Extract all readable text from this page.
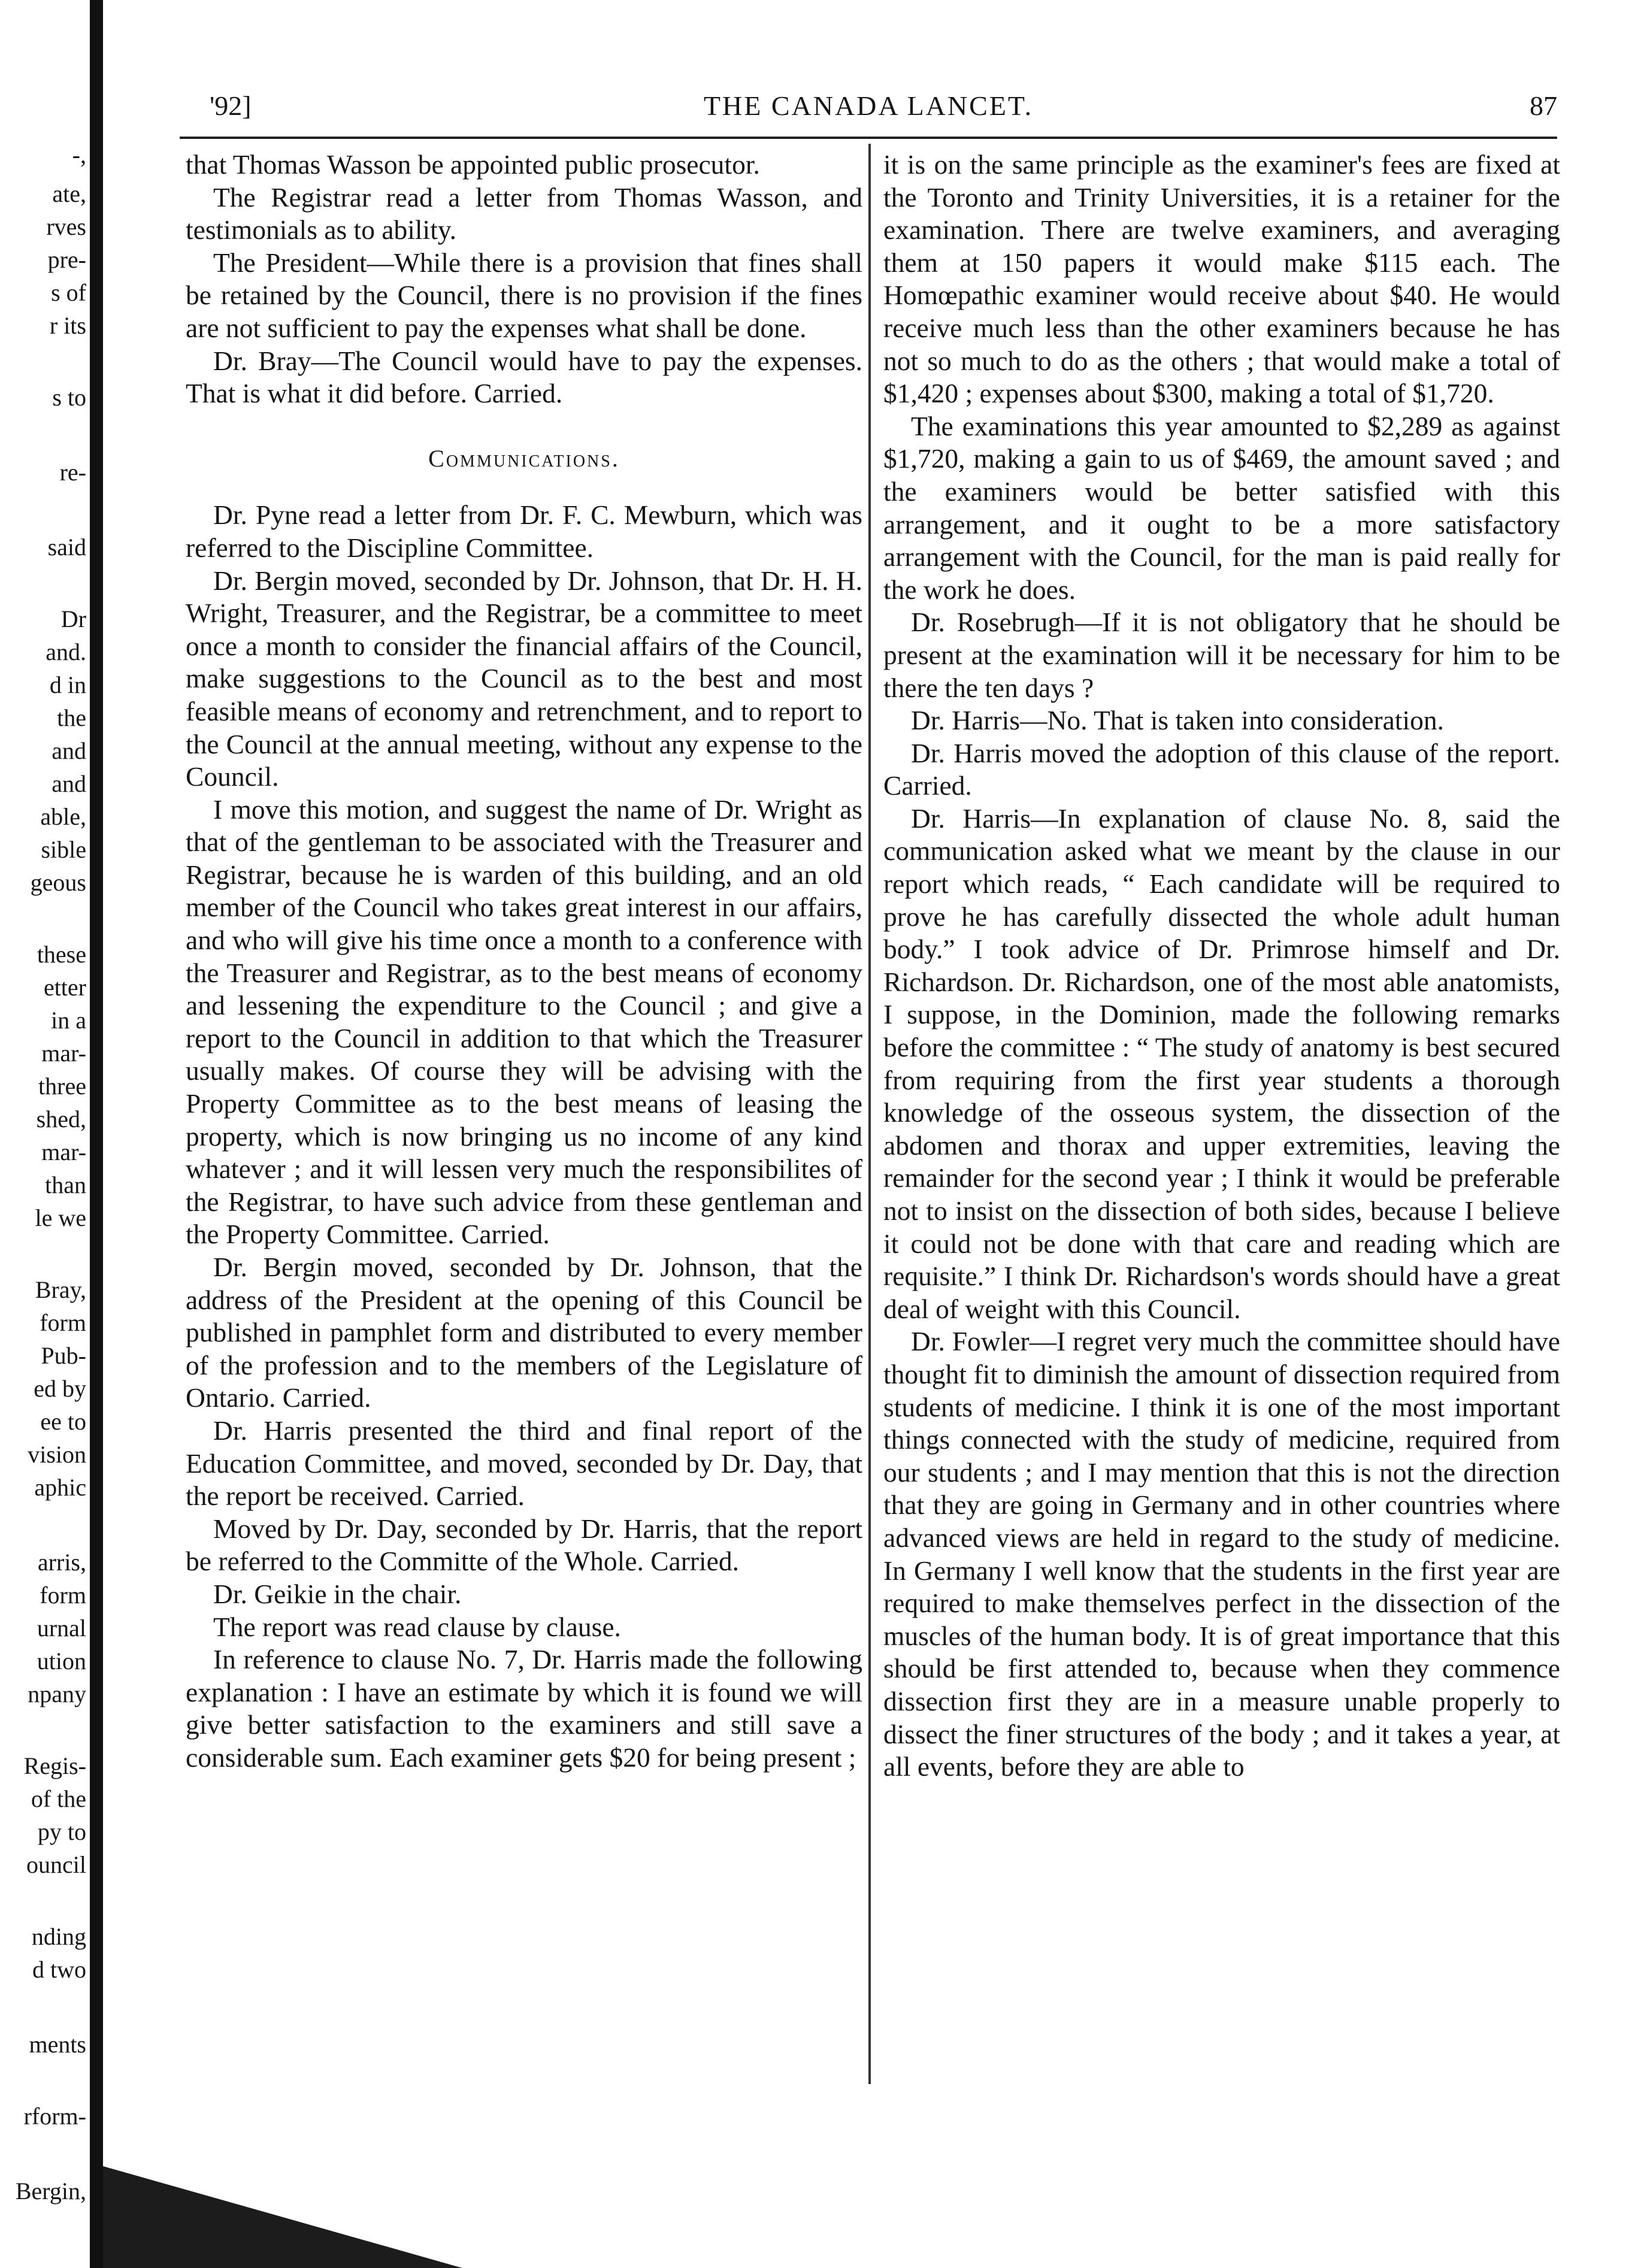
-,
ate,
rves
pre-
s of
r its
s to
re-
said
Dr
and.
d in
the
and
and
able,
sible
geous
these
etter
in a
mar-
three
shed,
mar-
than
le we
Bray,
form
Pub-
ed by
ee to
vision
aphic
arris,
form
urnal
ution
npany
Regis-
of the
py to
ouncil
nding
d two
ments
rform-
Bergin,
'92]	THE CANADA LANCET.	87

that Thomas Wasson be appointed public prosecutor.

The Registrar read a letter from Thomas Wasson, and testimonials as to ability.

The President—While there is a provision that fines shall be retained by the Council, there is no provision if the fines are not sufficient to pay the expenses what shall be done.

Dr. Bray—The Council would have to pay the expenses. That is what it did before. Carried.

Communications.

Dr. Pyne read a letter from Dr. F. C. Mewburn, which was referred to the Discipline Committee.

Dr. Bergin moved, seconded by Dr. Johnson, that Dr. H. H. Wright, Treasurer, and the Registrar, be a committee to meet once a month to consider the financial affairs of the Council, make suggestions to the Council as to the best and most feasible means of economy and retrenchment, and to report to the Council at the annual meeting, without any expense to the Council.

I move this motion, and suggest the name of Dr. Wright as that of the gentleman to be associated with the Treasurer and Registrar, because he is warden of this building, and an old member of the Council who takes great interest in our affairs, and who will give his time once a month to a conference with the Treasurer and Registrar, as to the best means of economy and lessening the expenditure to the Council ; and give a report to the Council in addition to that which the Treasurer usually makes. Of course they will be advising with the Property Committee as to the best means of leasing the property, which is now bringing us no income of any kind whatever ; and it will lessen very much the responsibilites of the Registrar, to have such advice from these gentleman and the Property Committee. Carried.

Dr. Bergin moved, seconded by Dr. Johnson, that the address of the President at the opening of this Council be published in pamphlet form and distributed to every member of the profession and to the members of the Legislature of Ontario. Carried.

Dr. Harris presented the third and final report of the Education Committee, and moved, seconded by Dr. Day, that the report be received. Carried.

Moved by Dr. Day, seconded by Dr. Harris, that the report be referred to the Committe of the Whole. Carried.

Dr. Geikie in the chair.

The report was read clause by clause.

In reference to clause No. 7, Dr. Harris made the following explanation : I have an estimate by which it is found we will give better satisfaction to the examiners and still save a considerable sum. Each examiner gets $20 for being present ;

it is on the same principle as the examiner's fees are fixed at the Toronto and Trinity Universities, it is a retainer for the examination. There are twelve examiners, and averaging them at 150 papers it would make $115 each. The Homœpathic examiner would receive about $40. He would receive much less than the other examiners because he has not so much to do as the others ; that would make a total of $1,420 ; expenses about $300, making a total of $1,720.

The examinations this year amounted to $2,289 as against $1,720, making a gain to us of $469, the amount saved ; and the examiners would be better satisfied with this arrangement, and it ought to be a more satisfactory arrangement with the Council, for the man is paid really for the work he does.

Dr. Rosebrugh—If it is not obligatory that he should be present at the examination will it be necessary for him to be there the ten days ?

Dr. Harris—No. That is taken into consideration.

Dr. Harris moved the adoption of this clause of the report. Carried.

Dr. Harris—In explanation of clause No. 8, said the communication asked what we meant by the clause in our report which reads, “ Each candidate will be required to prove he has carefully dissected the whole adult human body.” I took advice of Dr. Primrose himself and Dr. Richardson. Dr. Richardson, one of the most able anatomists, I suppose, in the Dominion, made the following remarks before the committee : “ The study of anatomy is best secured from requiring from the first year students a thorough knowledge of the osseous system, the dissection of the abdomen and thorax and upper extremities, leaving the remainder for the second year ; I think it would be preferable not to insist on the dissection of both sides, because I believe it could not be done with that care and reading which are requisite.” I think Dr. Richardson's words should have a great deal of weight with this Council.

Dr. Fowler—I regret very much the committee should have thought fit to diminish the amount of dissection required from students of medicine. I think it is one of the most important things connected with the study of medicine, required from our students ; and I may mention that this is not the direction that they are going in Germany and in other countries where advanced views are held in regard to the study of medicine. In Germany I well know that the students in the first year are required to make themselves perfect in the dissection of the muscles of the human body. It is of great importance that this should be first attended to, because when they commence dissection first they are in a measure unable properly to dissect the finer structures of the body ; and it takes a year, at all events, before they are able to
